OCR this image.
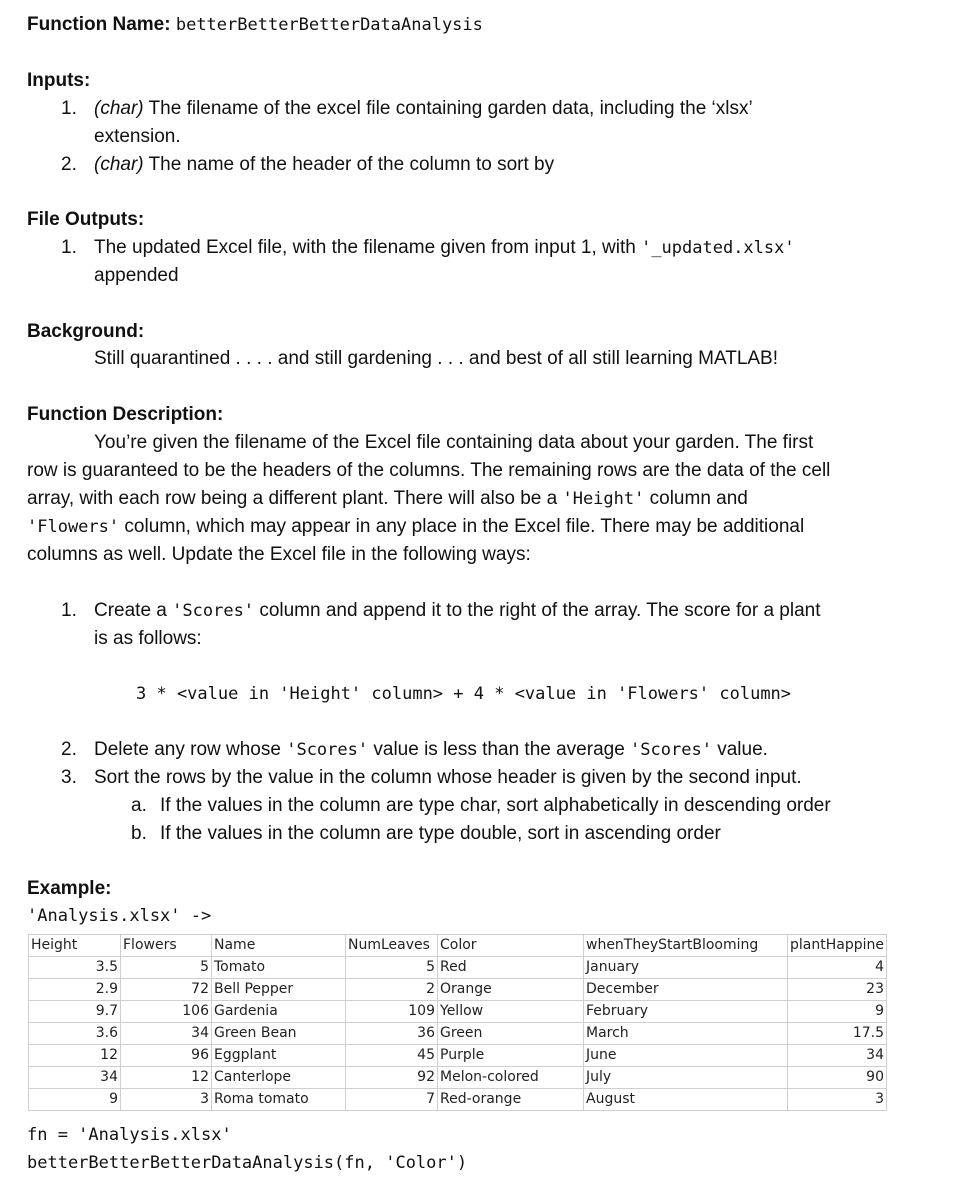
Function Name: betterBetterBetterDataAnalysis
Inputs:
1. (char) The filename of the excel file containing garden data, including the ‘xlsx’
extension.
2. (char) The name of the header of the column to sort by
File Outputs:
1. The updated Excel file, with the filename given from input 1, with '_updated.xlsx'
appended
Background:
Still quarantined . . . . and still gardening . . . and best of all still learning MATLAB!
Function Description:
You’re given the filename of the Excel file containing data about your garden. The first
row is guaranteed to be the headers of the columns. The remaining rows are the data of the cell
array, with each row being a different plant. There will also be a 'Height' column and
'Flowers' column, which may appear in any place in the Excel file. There may be additional
columns as well. Update the Excel file in the following ways:
1. Create a 'Scores' column and append it to the right of the array. The score for a plant
is as follows:
3 * <value in 'Height' column> + 4 * <value in 'Flowers' column>
2. Delete any row whose 'Scores' value is less than the average 'Scores' value.
3. Sort the rows by the value in the column whose header is given by the second input.
a. If the values in the column are type char, sort alphabetically in descending order
b. If the values in the column are type double, sort in ascending order
Example:
'Analysis.xlsx' ->
Height	Flowers	Name	NumLeaves	Color	whenTheyStartBlooming	plantHappine
3.5	5	Tomato	5	Red	January	4
2.9	72	Bell Pepper	2	Orange	December	23
9.7	106	Gardenia	109	Yellow	February	9
3.6	34	Green Bean	36	Green	March	17.5
12	96	Eggplant	45	Purple	June	34
34	12	Canterlope	92	Melon-colored	July	90
9	3	Roma tomato	7	Red-orange	August	3
fn = 'Analysis.xlsx'
betterBetterBetterDataAnalysis(fn, 'Color')
